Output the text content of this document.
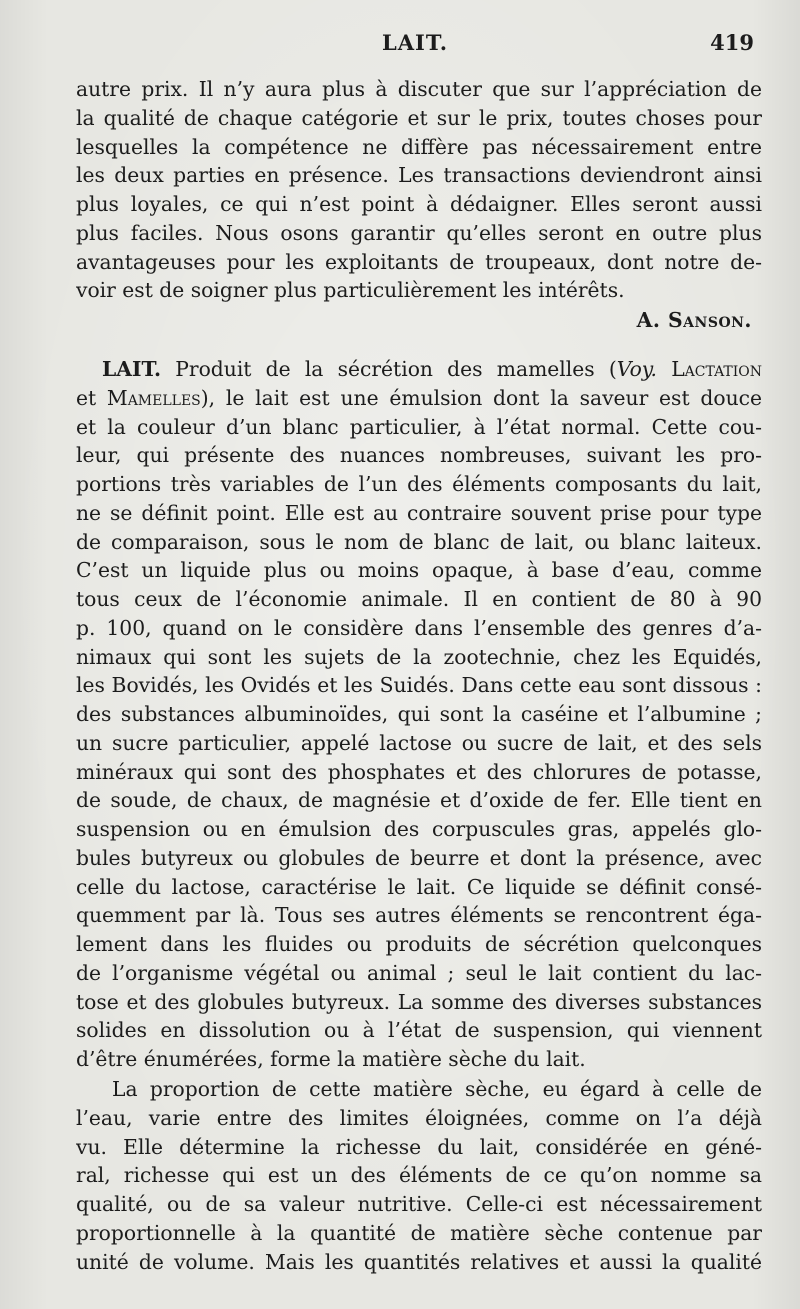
LAIT.	419
autre prix. Il n’y aura plus à discuter que sur l’appréciation de
la qualité de chaque catégorie et sur le prix, toutes choses pour
lesquelles la compétence ne diffère pas nécessairement entre
les deux parties en présence. Les transactions deviendront ainsi
plus loyales, ce qui n’est point à dédaigner. Elles seront aussi
plus faciles. Nous osons garantir qu’elles seront en outre plus
avantageuses pour les exploitants de troupeaux, dont notre de-
voir est de soigner plus particulièrement les intérêts.
A. Sanson.
LAIT. Produit de la sécrétion des mamelles (Voy. Lactation
et Mamelles), le lait est une émulsion dont la saveur est douce
et la couleur d’un blanc particulier, à l’état normal. Cette cou-
leur, qui présente des nuances nombreuses, suivant les pro-
portions très variables de l’un des éléments composants du lait,
ne se définit point. Elle est au contraire souvent prise pour type
de comparaison, sous le nom de blanc de lait, ou blanc laiteux.
C’est un liquide plus ou moins opaque, à base d’eau, comme
tous ceux de l’économie animale. Il en contient de 80 à 90
p. 100, quand on le considère dans l’ensemble des genres d’a-
nimaux qui sont les sujets de la zootechnie, chez les Equidés,
les Bovidés, les Ovidés et les Suidés. Dans cette eau sont dissous :
des substances albuminoïdes, qui sont la caséine et l’albumine ;
un sucre particulier, appelé lactose ou sucre de lait, et des sels
minéraux qui sont des phosphates et des chlorures de potasse,
de soude, de chaux, de magnésie et d’oxide de fer. Elle tient en
suspension ou en émulsion des corpuscules gras, appelés glo-
bules butyreux ou globules de beurre et dont la présence, avec
celle du lactose, caractérise le lait. Ce liquide se définit consé-
quemment par là. Tous ses autres éléments se rencontrent éga-
lement dans les fluides ou produits de sécrétion quelconques
de l’organisme végétal ou animal ; seul le lait contient du lac-
tose et des globules butyreux. La somme des diverses substances
solides en dissolution ou à l’état de suspension, qui viennent
d’être énumérées, forme la matière sèche du lait.
La proportion de cette matière sèche, eu égard à celle de
l’eau, varie entre des limites éloignées, comme on l’a déjà
vu. Elle détermine la richesse du lait, considérée en géné-
ral, richesse qui est un des éléments de ce qu’on nomme sa
qualité, ou de sa valeur nutritive. Celle-ci est nécessairement
proportionnelle à la quantité de matière sèche contenue par
unité de volume. Mais les quantités relatives et aussi la qualité
